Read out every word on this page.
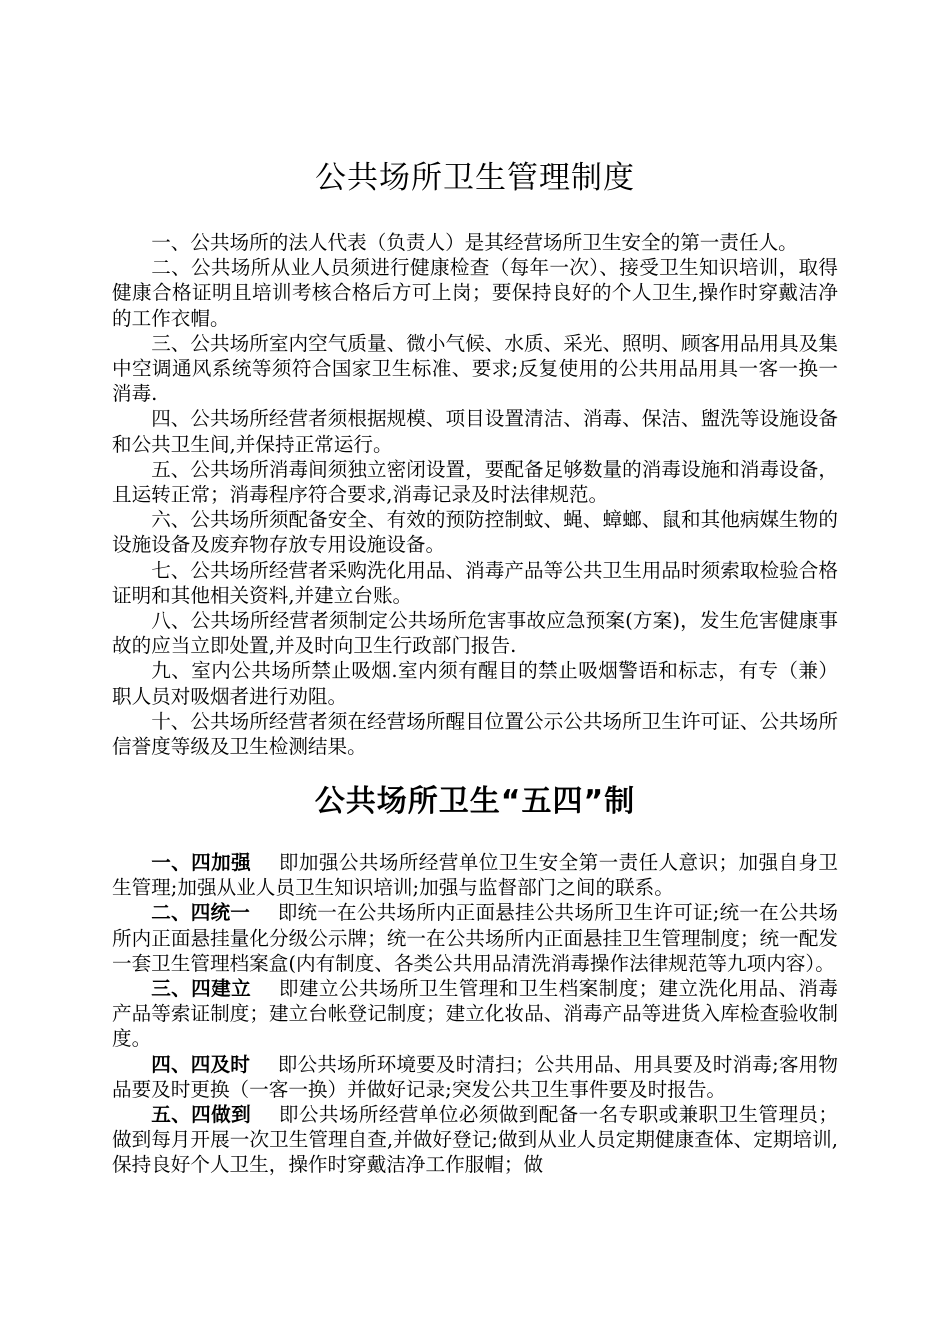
公共场所卫生管理制度

一、公共场所的法人代表（负责人）是其经营场所卫生安全的第一责任人。

二、公共场所从业人员须进行健康检查（每年一次）、接受卫生知识培训，取得健康合格证明且培训考核合格后方可上岗；要保持良好的个人卫生,操作时穿戴洁净的工作衣帽。

三、公共场所室内空气质量、微小气候、水质、采光、照明、顾客用品用具及集中空调通风系统等须符合国家卫生标准、要求;反复使用的公共用品用具一客一换一消毒.

四、公共场所经营者须根据规模、项目设置清洁、消毒、保洁、盥洗等设施设备和公共卫生间,并保持正常运行。

五、公共场所消毒间须独立密闭设置，要配备足够数量的消毒设施和消毒设备，且运转正常；消毒程序符合要求,消毒记录及时法律规范。

六、公共场所须配备安全、有效的预防控制蚊、蝇、蟑螂、鼠和其他病媒生物的设施设备及废弃物存放专用设施设备。

七、公共场所经营者采购洗化用品、消毒产品等公共卫生用品时须索取检验合格证明和其他相关资料,并建立台账。

八、公共场所经营者须制定公共场所危害事故应急预案(方案)，发生危害健康事故的应当立即处置,并及时向卫生行政部门报告.

九、室内公共场所禁止吸烟.室内须有醒目的禁止吸烟警语和标志，有专（兼）职人员对吸烟者进行劝阻。

十、公共场所经营者须在经营场所醒目位置公示公共场所卫生许可证、公共场所信誉度等级及卫生检测结果。

公共场所卫生“五四”制

一、四加强 即加强公共场所经营单位卫生安全第一责任人意识；加强自身卫生管理;加强从业人员卫生知识培训;加强与监督部门之间的联系。

二、四统一 即统一在公共场所内正面悬挂公共场所卫生许可证;统一在公共场所内正面悬挂量化分级公示牌；统一在公共场所内正面悬挂卫生管理制度；统一配发一套卫生管理档案盒(内有制度、各类公共用品清洗消毒操作法律规范等九项内容）。

三、四建立 即建立公共场所卫生管理和卫生档案制度；建立洗化用品、消毒产品等索证制度；建立台帐登记制度；建立化妆品、消毒产品等进货入库检查验收制度。

四、四及时 即公共场所环境要及时清扫；公共用品、用具要及时消毒;客用物品要及时更换（一客一换）并做好记录;突发公共卫生事件要及时报告。

五、四做到 即公共场所经营单位必须做到配备一名专职或兼职卫生管理员；做到每月开展一次卫生管理自查,并做好登记;做到从业人员定期健康查体、定期培训,保持良好个人卫生，操作时穿戴洁净工作服帽；做
